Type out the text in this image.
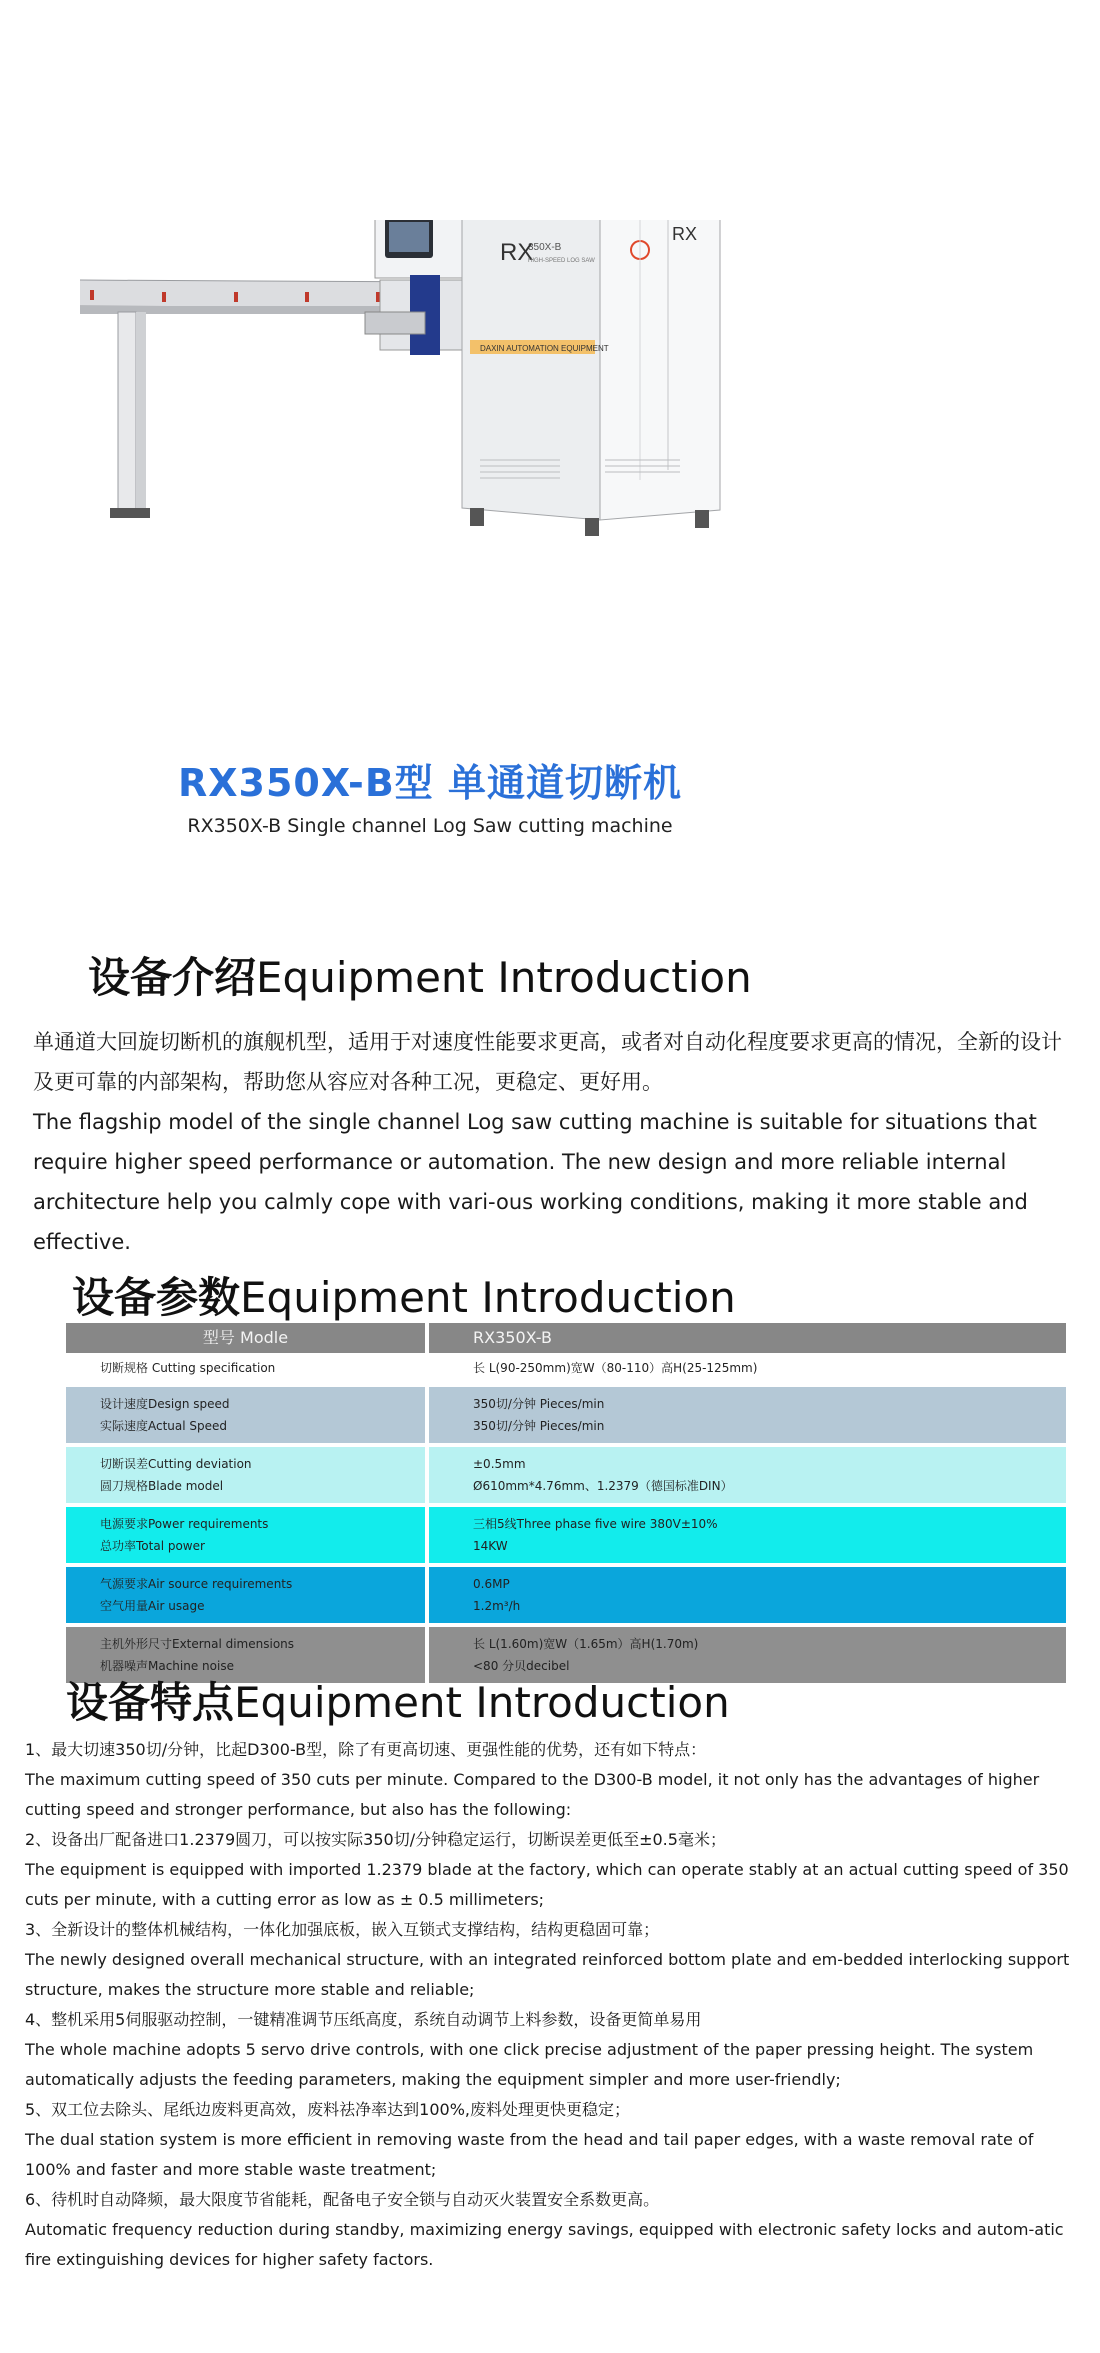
DAXIN AUTOMATION EQUIPMENT
RX
350X-B
HIGH-SPEED LOG SAW
RX
RX350X-B型 单通道切断机
RX350X-B Single channel Log Saw cutting machine
设备介绍Equipment Introduction
单通道大回旋切断机的旗舰机型，适用于对速度性能要求更高，或者对自动化程度要求更高的情况，全新的设计及更可靠的内部架构，帮助您从容应对各种工况，更稳定、更好用。
The flagship model of the single channel Log saw cutting machine is suitable for situations that require higher speed performance or automation. The new design and more reliable internal architecture help you calmly cope with vari-ous working conditions, making it more stable and effective.
设备参数Equipment Introduction
型号 Modle	RX350X-B
切断规格 Cutting specification	长 L(90-250mm)宽W（80-110）高H(25-125mm)
设计速度Design speed
实际速度Actual Speed
350切/分钟 Pieces/min
350切/分钟 Pieces/min
切断误差Cutting deviation
圆刀规格Blade model
±0.5mm
Ø610mm*4.76mm、1.2379（德国标准DIN）
电源要求Power requirements
总功率Total power
三相5线Three phase five wire 380V±10%
14KW
气源要求Air source requirements
空气用量Air usage
0.6MP
1.2m³/h
主机外形尺寸External dimensions
机器噪声Machine noise
长 L(1.60m)宽W（1.65m）高H(1.70m)
<80 分贝decibel
设备特点Equipment Introduction
1、最大切速350切/分钟，比起D300-B型，除了有更高切速、更强性能的优势，还有如下特点：
The maximum cutting speed of 350 cuts per minute. Compared to the D300-B model, it not only has the advantages of higher cutting speed and stronger performance, but also has the following:
2、设备出厂配备进口1.2379圆刀，可以按实际350切/分钟稳定运行，切断误差更低至±0.5毫米；
The equipment is equipped with imported 1.2379 blade at the factory, which can operate stably at an actual cutting speed of 350 cuts per minute, with a cutting error as low as ± 0.5 millimeters;
3、全新设计的整体机械结构，一体化加强底板，嵌入互锁式支撑结构，结构更稳固可靠；
The newly designed overall mechanical structure, with an integrated reinforced bottom plate and em-bedded interlocking support structure, makes the structure more stable and reliable;
4、整机采用5伺服驱动控制，一键精准调节压纸高度，系统自动调节上料参数，设备更简单易用
The whole machine adopts 5 servo drive controls, with one click precise adjustment of the paper pressing height. The system automatically adjusts the feeding parameters, making the equipment simpler and more user-friendly;
5、双工位去除头、尾纸边废料更高效，废料祛净率达到100%,废料处理更快更稳定；
The dual station system is more efficient in removing waste from the head and tail paper edges, with a waste removal rate of 100% and faster and more stable waste treatment;
6、待机时自动降频，最大限度节省能耗，配备电子安全锁与自动灭火装置安全系数更高。
Automatic frequency reduction during standby, maximizing energy savings, equipped with electronic safety locks and autom-atic fire extinguishing devices for higher safety factors.
